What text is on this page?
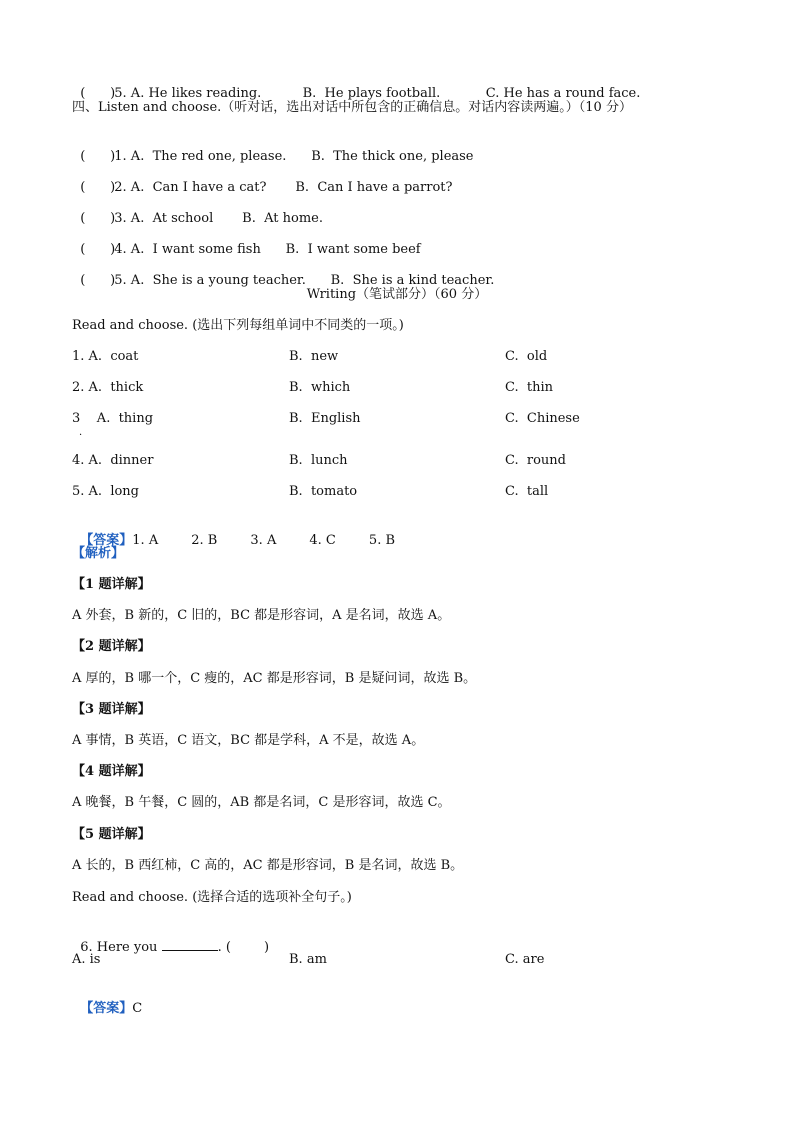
(      )5. A. He likes reading.          B.  He plays football.           C. He has a round face.

四、Listen and choose.（听对话，选出对话中所包含的正确信息。对话内容读两遍。）（10 分）

(      )1. A.  The red one, please.      B.  The thick one, please

(      )2. A.  Can I have a cat?       B.  Can I have a parrot?

(      )3. A.  At school       B.  At home.

(      )4. A.  I want some fish      B.  I want some beef

(      )5. A.  She is a young teacher.      B.  She is a kind teacher.

Writing（笔试部分）（60 分）
Read and choose. (选出下列每组单词中不同类的一项。)
1. A.  coat	B.  new	C.  old
2. A.  thick	B.  which	C.  thin
3    A.  thing	B.  English	C.  Chinese
·
4. A.  dinner	B.  lunch	C.  round
5. A.  long	B.  tomato	C.  tall

【答案】1. A        2. B        3. A        4. C        5. B

【解析】
【1 题详解】
A 外套，B 新的，C 旧的，BC 都是形容词，A 是名词，故选 A。
【2 题详解】
A 厚的，B 哪一个，C 瘦的，AC 都是形容词，B 是疑问词，故选 B。
【3 题详解】
A 事情，B 英语，C 语文，BC 都是学科，A 不是，故选 A。
【4 题详解】
A 晚餐，B 午餐，C 圆的，AB 都是名词，C 是形容词，故选 C。
【5 题详解】
A 长的，B 西红柿，C 高的，AC 都是形容词，B 是名词，故选 B。
Read and choose. (选择合适的选项补全句子。)

6. Here you	. (        )

A. is	B. am	C. are

【答案】C
